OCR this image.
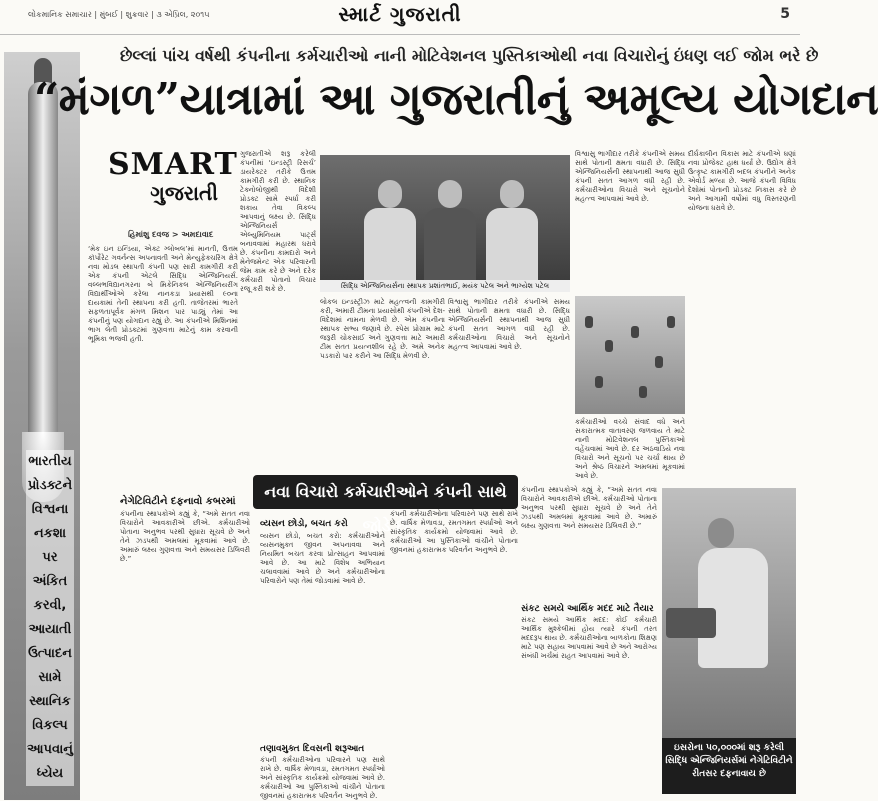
લોકમાનિક સમાચાર | મુંબઈ | શુક્રવાર | ૩ એપ્રિલ, ૨૦૧૫	સ્માર્ટ ગુજરાતી	5
ભારતીય પ્રોડક્ટને વિશ્વના નકશા પર અંકિત કરવી, આયાતી ઉત્પાદન સામે સ્થાનિક વિકલ્પ આપવાનું ધ્યેય
છેલ્લાં પાંચ વર્ષથી કંપનીના કર્મચારીઓ નાની મોટિવેશનલ પુસ્તિકાઓથી નવા વિચારોનું ઇંધણ લઈ જોમ ભરે છે
“મંગળ”યાત્રામાં આ ગુજરાતીનું અમૂલ્ય યોગદાન
SMART
ગુજરાતી
હિમાંશુ દવજ > અમદાવાદ

‘મેક ઇન ઇન્ડિયા, એક્ટ ગ્લોબલ’માં માનતી, ઉત્તમ કૉર્પોરેટ ગવર્નન્સ અપનાવતી અને મેન્યુફેક્ચરિંગ ક્ષેત્રે નવા મોડલ સ્થાપતી કંપની પણ સારી કામગીરી કરી એક કંપની એટલે સિદ્ધિ એન્જિનિયર્સ. વલ્લભવિદ્યાનગરના બે મિકેનિકલ એન્જિનિયરીંગ વિદ્યાર્થીઓએ કરેલા નાનકડા પ્રયાસથી ૯૦ના દાયકામાં તેની સ્થાપના કરી હતી. તાજેતરમાં ભારતે સફળતાપૂર્વક મંગળ મિશન પાર પાડ્યું તેમાં આ કંપનીનું પણ યોગદાન રહ્યું છે. આ કંપનીએ મિશિનમાં ભાગ લેતી પ્રોડક્ટમાં ગુણવત્તા માટેનું કામ કરવાની ભૂમિકા ભજવી હતી.

ગુજરાતીએ શરૂ કરેલી કંપનીમાં ‘ઇન્ડસ્ટ્રી રિસર્ચ’ ડાયરેક્ટર તરીકે ઉત્તમ કામગીરી કરી છે. સ્થાનિક ટેક્નોલોજીથી વિદેશી પ્રોડક્ટ સામે સ્પર્ધા કરી શકાય તેવા વિકલ્પ આપવાનું લક્ષ્ય છે. સિદ્ધિ એન્જિનિયર્સ એલ્યુમિનિયમ પાર્ટ્સ બનાવવામાં મહારથ ધરાવે છે. કંપનીના કામદારો અને મેનેજમેન્ટ એક પરિવારની જેમ કામ કરે છે અને દરેક કર્મચારી પોતાનો વિચાર રજૂ કરી શકે છે.

લોકલ ઇન્ડસ્ટ્રીઝ માટે મહત્ત્વની કામગીરી કરી, અમારી ટીમના પ્રયાસોથી કંપનીએ દેશ-વિદેશમાં નામના મેળવી છે. એમ કંપનીના સ્થાપક સભ્ય જણાવે છે. સ્પેસ પ્રોગ્રામ માટે જરૂરી ચોકસાઈ અને ગુણવત્તા માટે અમારી ટીમ સતત પ્રયત્નશીલ રહે છે. અમે અનેક પડકારો પાર કરીને આ સિદ્ધિ મેળવી છે.

વિશ્વાસુ ભાગીદાર તરીકે કંપનીએ સમય સાથે પોતાની ક્ષમતા વધારી છે. સિદ્ધિ એન્જિનિયર્સની સ્થાપનાથી આજ સુધી કંપની સતત આગળ વધી રહી છે. કર્મચારીઓના વિચારો અને સૂચનોને મહત્ત્વ આપવામાં આવે છે.

વિશ્વાસુ ભાગીદાર તરીકે કંપનીએ સમય સાથે પોતાની ક્ષમતા વધારી છે. સિદ્ધિ એન્જિનિયર્સની સ્થાપનાથી આજ સુધી કંપની સતત આગળ વધી રહી છે. કર્મચારીઓના વિચારો અને સૂચનોને મહત્ત્વ આપવામાં આવે છે.

દીર્ઘકાલીન વિકાસ માટે કંપનીએ ઘણાં નવા પ્રોજેક્ટ હાથ ધર્યા છે. ઉદ્યોગ ક્ષેત્રે ઉત્કૃષ્ટ કામગીરી બદલ કંપનીને અનેક એવોર્ડ મળ્યા છે. આજે કંપની વિવિધ દેશોમાં પોતાની પ્રોડક્ટ નિકાસ કરે છે અને આગામી વર્ષોમાં વધુ વિસ્તરણની યોજના ધરાવે છે.

કર્મચારીઓ વચ્ચે સંવાદ વધે અને સકારાત્મક વાતાવરણ જળવાય તે માટે નાની મોટિવેશનલ પુસ્તિકાઓ વહેંચવામાં આવે છે. દર અઠવાડિયે નવા વિચારો અને સૂચનો પર ચર્ચા થાય છે અને શ્રેષ્ઠ વિચારને અમલમાં મૂકવામાં આવે છે.

સિદ્ધિ એન્જિનિયર્સના સ્થાપક પ્રશાંતભાઈ, મયંક પટેલ અને ભાગ્યેશ પટેલ
નેગેટિવિટીને દફનાવો કબરમાં
નવા વિચારો કર્મચારીઓને કંપની સાથે જોડે છે

કંપનીના સ્થાપકોએ કહ્યું કે, “અમે સતત નવા વિચારોને આવકારીએ છીએ. કર્મચારીઓ પોતાના અનુભવ પરથી સુધારા સૂચવે છે અને તેને ઝડપથી અમલમાં મૂકવામાં આવે છે. અમારું લક્ષ્ય ગુણવત્તા અને સમયસર ડિલિવરી છે.”

વ્યસન છોડો, બચત કરો

વ્યસન છોડો, બચત કરો: કર્મચારીઓને વ્યસનમુક્ત જીવન અપનાવવા અને નિયમિત બચત કરવા પ્રોત્સાહન આપવામાં આવે છે. આ માટે વિશેષ અભિયાન ચલાવવામાં આવે છે અને કર્મચારીઓના પરિવારોને પણ તેમાં જોડવામાં આવે છે.

તણાવમુક્ત દિવસની શરૂઆત

કંપની કર્મચારીઓના પરિવારને પણ સાથે રાખે છે. વાર્ષિક મેળાવડા, રમતગમત સ્પર્ધાઓ અને સાંસ્કૃતિક કાર્યક્રમો યોજવામાં આવે છે. કર્મચારીઓ આ પુસ્તિકાઓ વાંચીને પોતાના જીવનમાં હકારાત્મક પરિવર્તન અનુભવે છે.

કંપની કર્મચારીઓના પરિવારને પણ સાથે રાખે છે. વાર્ષિક મેળાવડા, રમતગમત સ્પર્ધાઓ અને સાંસ્કૃતિક કાર્યક્રમો યોજવામાં આવે છે. કર્મચારીઓ આ પુસ્તિકાઓ વાંચીને પોતાના જીવનમાં હકારાત્મક પરિવર્તન અનુભવે છે.

કંપનીના સ્થાપકોએ કહ્યું કે, “અમે સતત નવા વિચારોને આવકારીએ છીએ. કર્મચારીઓ પોતાના અનુભવ પરથી સુધારા સૂચવે છે અને તેને ઝડપથી અમલમાં મૂકવામાં આવે છે. અમારું લક્ષ્ય ગુણવત્તા અને સમયસર ડિલિવરી છે.”

સંકટ સમયે આર્થિક મદદ માટે તૈયાર

સંકટ સમયે આર્થિક મદદ: કોઈ કર્મચારી આર્થિક મુશ્કેલીમાં હોય ત્યારે કંપની તરત મદદરૂપ થાય છે. કર્મચારીઓના બાળકોના શિક્ષણ માટે પણ સહાય આપવામાં આવે છે અને આરોગ્ય સંબંધી ખર્ચમાં રાહત આપવામાં આવે છે.

ઇસરોના ૫૦,૦૦૦માં શરૂ કરેલી સિદ્ધિ એન્જિનિયર્સમાં નેગેટિવિટીને રીતસર દફનાવાય છે
